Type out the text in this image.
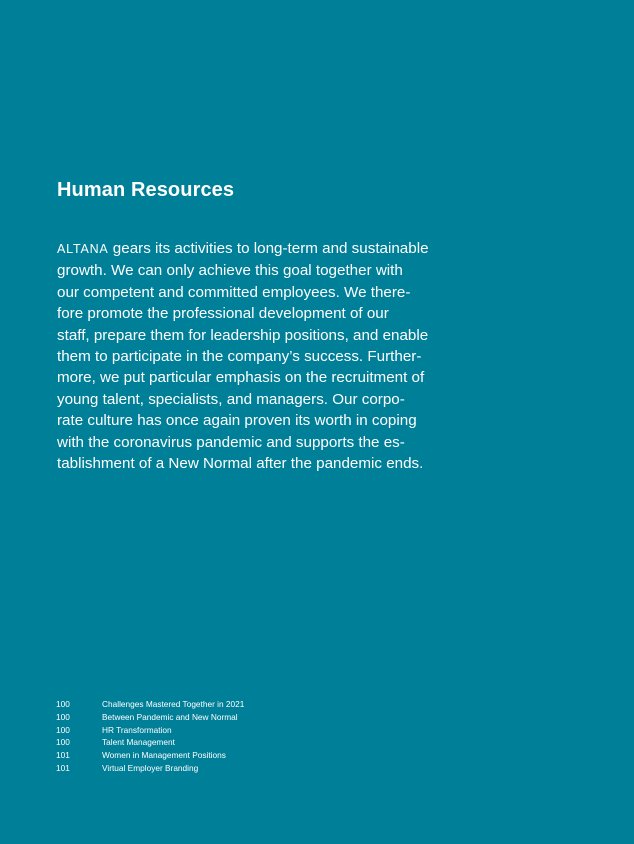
Human Resources

ALTANA gears its activities to long-term and sustainable
growth. We can only achieve this goal together with
our competent and committed employees. We there-
fore promote the professional development of our
staff, prepare them for leadership positions, and enable
them to participate in the company’s success. Further-
more, we put particular emphasis on the recruitment of
young talent, specialists, and managers. Our corpo-
rate culture has once again proven its worth in coping
with the coronavirus pandemic and supports the es-
tablishment of a New Normal after the pandemic ends.

100	Challenges Mastered Together in 2021
100	Between Pandemic and New Normal
100	HR Transformation
100	Talent Management
101	Women in Management Positions
101	Virtual Employer Branding
